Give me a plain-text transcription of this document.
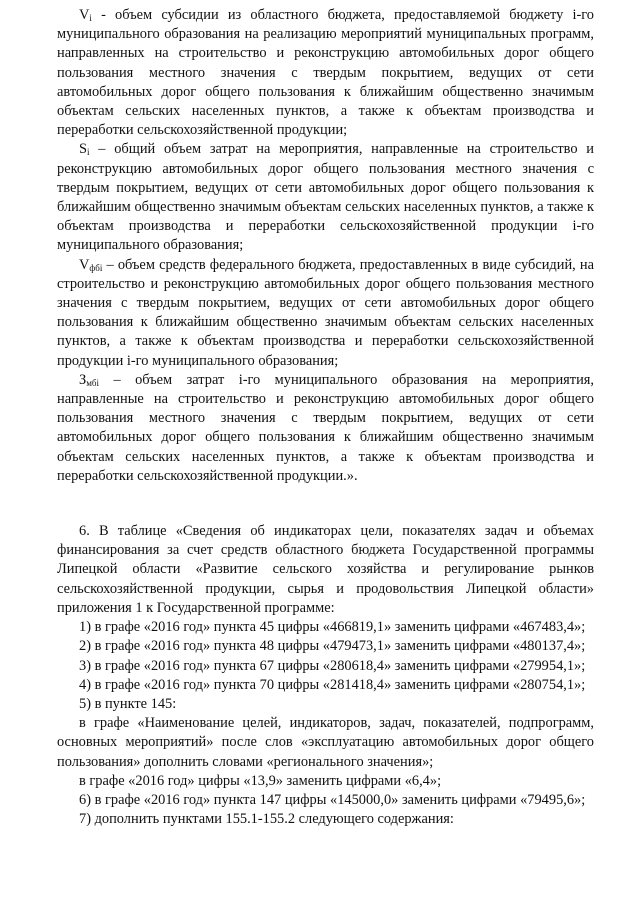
$V_i$ - объем субсидии из областного бюджета, предоставляемой бюджету i-го муниципального образования на реализацию мероприятий муниципальных программ, направленных на строительство и реконструкцию автомобильных дорог общего пользования местного значения с твердым покрытием, ведущих от сети автомобильных дорог общего пользования к ближайшим общественно значимым объектам сельских населенных пунктов, а также к объектам производства и переработки сельскохозяйственной продукции;

$S_i$ – общий объем затрат на мероприятия, направленные на строительство и реконструкцию автомобильных дорог общего пользования местного значения с твердым покрытием, ведущих от сети автомобильных дорог общего пользования к ближайшим общественно значимым объектам сельских населенных пунктов, а также к объектам производства и переработки сельскохозяйственной продукции i-го муниципального образования;

$V_{фбi}$ – объем средств федерального бюджета, предоставленных в виде субсидий, на строительство и реконструкцию автомобильных дорог общего пользования местного значения с твердым покрытием, ведущих от сети автомобильных дорог общего пользования к ближайшим общественно значимым объектам сельских населенных пунктов, а также к объектам производства и переработки сельскохозяйственной продукции i-го муниципального образования;

$З_{мбi}$ – объем затрат i-го муниципального образования на мероприятия, направленные на строительство и реконструкцию автомобильных дорог общего пользования местного значения с твердым покрытием, ведущих от сети автомобильных дорог общего пользования к ближайшим общественно значимым объектам сельских населенных пунктов, а также к объектам производства и переработки сельскохозяйственной продукции.».

6. В таблице «Сведения об индикаторах цели, показателях задач и объемах финансирования за счет средств областного бюджета Государственной программы Липецкой области «Развитие сельского хозяйства и регулирование рынков сельскохозяйственной продукции, сырья и продовольствия Липецкой области» приложения 1 к Государственной программе:

1) в графе «2016 год» пункта 45 цифры «466819,1» заменить цифрами «467483,4»;

2) в графе «2016 год» пункта 48 цифры «479473,1» заменить цифрами «480137,4»;

3) в графе «2016 год» пункта 67 цифры «280618,4» заменить цифрами «279954,1»;

4) в графе «2016 год» пункта 70 цифры «281418,4» заменить цифрами «280754,1»;

5) в пункте 145:

в графе «Наименование целей, индикаторов, задач, показателей, подпрограмм, основных мероприятий» после слов «эксплуатацию автомобильных дорог общего пользования» дополнить словами «регионального значения»;

в графе «2016 год» цифры «13,9» заменить цифрами «6,4»;

6) в графе «2016 год» пункта 147 цифры «145000,0» заменить цифрами «79495,6»;

7) дополнить пунктами 155.1-155.2 следующего содержания:
